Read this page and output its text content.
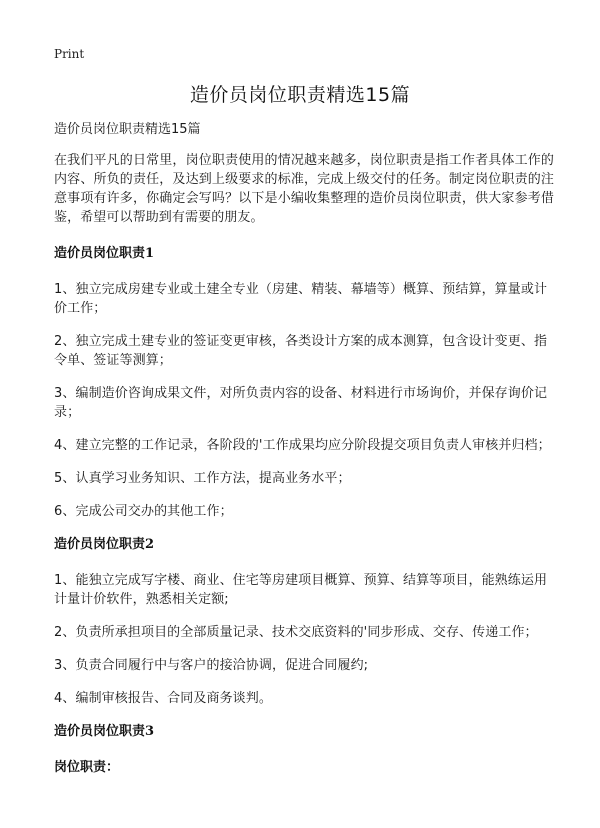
Print
造价员岗位职责精选15篇
造价员岗位职责精选15篇
在我们平凡的日常里，岗位职责使用的情况越来越多，岗位职责是指工作者具体工作的内容、所负的责任，及达到上级要求的标准，完成上级交付的任务。制定岗位职责的注意事项有许多，你确定会写吗？以下是小编收集整理的造价员岗位职责，供大家参考借鉴，希望可以帮助到有需要的朋友。
造价员岗位职责1
1、独立完成房建专业或土建全专业（房建、精装、幕墙等）概算、预结算，算量或计价工作；
2、独立完成土建专业的签证变更审核，各类设计方案的成本测算，包含设计变更、指令单、签证等测算；
3、编制造价咨询成果文件，对所负责内容的设备、材料进行市场询价，并保存询价记录；
4、建立完整的工作记录，各阶段的'工作成果均应分阶段提交项目负责人审核并归档；
5、认真学习业务知识、工作方法，提高业务水平；
6、完成公司交办的其他工作；
造价员岗位职责2
1、能独立完成写字楼、商业、住宅等房建项目概算、预算、结算等项目，能熟练运用计量计价软件，熟悉相关定额;
2、负责所承担项目的全部质量记录、技术交底资料的'同步形成、交存、传递工作；
3、负责合同履行中与客户的接洽协调，促进合同履约;
4、编制审核报告、合同及商务谈判。
造价员岗位职责3
岗位职责：
